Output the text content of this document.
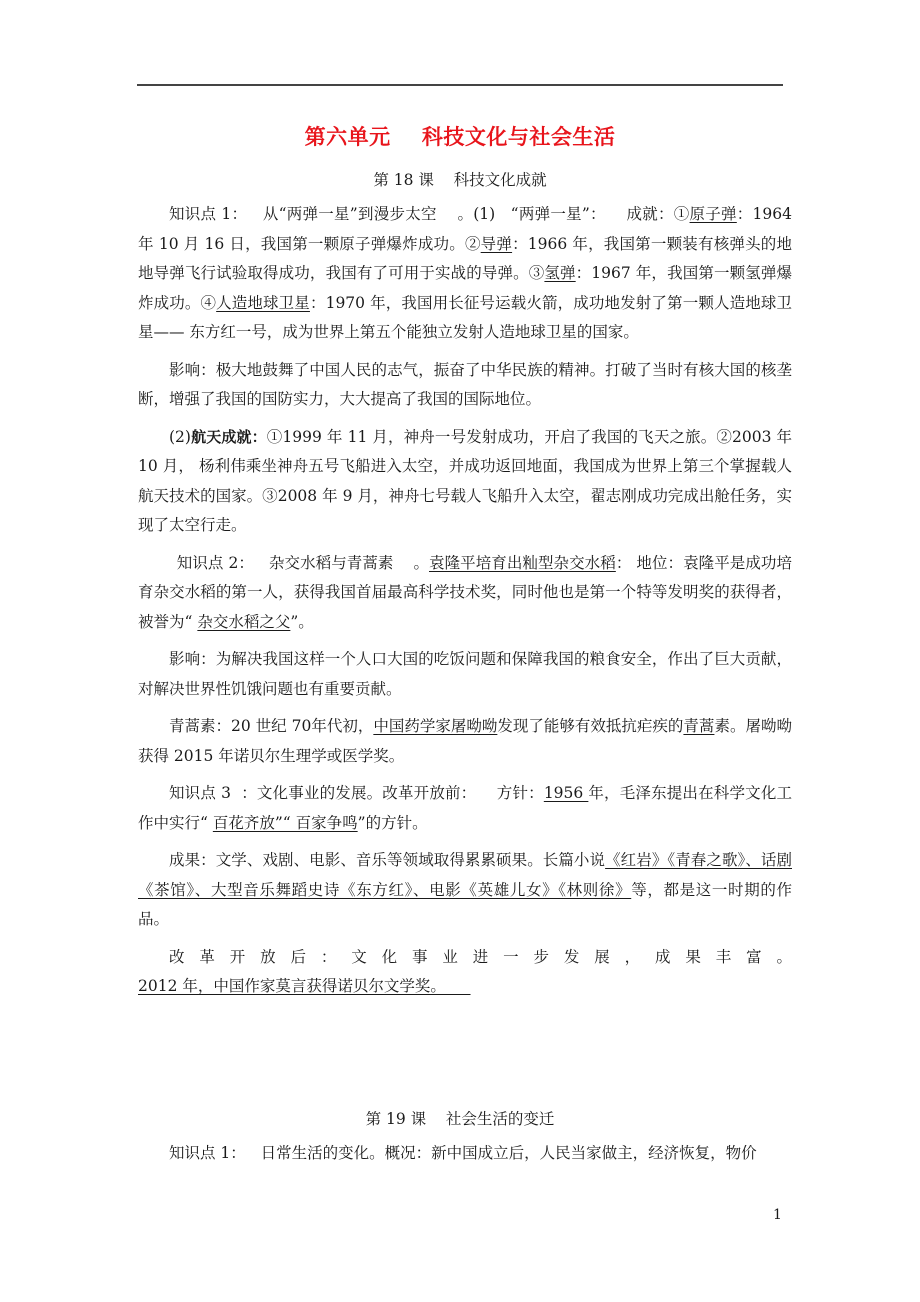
第六单元    科技文化与社会生活
第 18 课    科技文化成就

知识点 1：   从“两弹一星”到漫步太空    。(1)   “两弹一星”：    成就：①原子弹：1964 年 10 月 16 日，我国第一颗原子弹爆炸成功。②导弹：1966 年，我国第一颗装有核弹头的地地导弹飞行试验取得成功，我国有了可用于实战的导弹。③氢弹：1967 年，我国第一颗氢弹爆炸成功。④人造地球卫星：1970 年，我国用长征号运载火箭，成功地发射了第一颗人造地球卫星—— 东方红一号，成为世界上第五个能独立发射人造地球卫星的国家。

影响：极大地鼓舞了中国人民的志气，振奋了中华民族的精神。打破了当时有核大国的核垄断，增强了我国的国防实力，大大提高了我国的国际地位。

(2)航天成就：①1999 年 11 月，神舟一号发射成功，开启了我国的飞天之旅。②2003 年 10 月， 杨利伟乘坐神舟五号飞船进入太空，并成功返回地面，我国成为世界上第三个掌握载人航天技术的国家。③2008 年 9 月，神舟七号载人飞船升入太空，翟志刚成功完成出舱任务，实现了太空行走。

知识点 2：   杂交水稻与青蒿素    。袁隆平培育出籼型杂交水稻： 地位：袁隆平是成功培育杂交水稻的第一人，获得我国首届最高科学技术奖，同时他也是第一个特等发明奖的获得者，被誉为“ 杂交水稻之父”。

影响：为解决我国这样一个人口大国的吃饭问题和保障我国的粮食安全，作出了巨大贡献，对解决世界性饥饿问题也有重要贡献。

青蒿素：20 世纪 70年代初，中国药学家屠呦呦发现了能够有效抵抗疟疾的青蒿素。屠呦呦获得 2015 年诺贝尔生理学或医学奖。

知识点 3  ：文化事业的发展。改革开放前：    方针：1956 年，毛泽东提出在科学文化工作中实行“ 百花齐放”“ 百家争鸣”的方针。

成果：文学、戏剧、电影、音乐等领域取得累累硕果。长篇小说《红岩》《青春之歌》、话剧 《茶馆》、大型音乐舞蹈史诗《东方红》、电影《英雄儿女》《林则徐》等，都是这一时期的作品。

改革开放后：文化事业进一步发展，成果丰富。2012 年，中国作家莫言获得诺贝尔文学奖。

第 19 课    社会生活的变迁

知识点 1：   日常生活的变化。概况：新中国成立后，人民当家做主，经济恢复，物价

1
